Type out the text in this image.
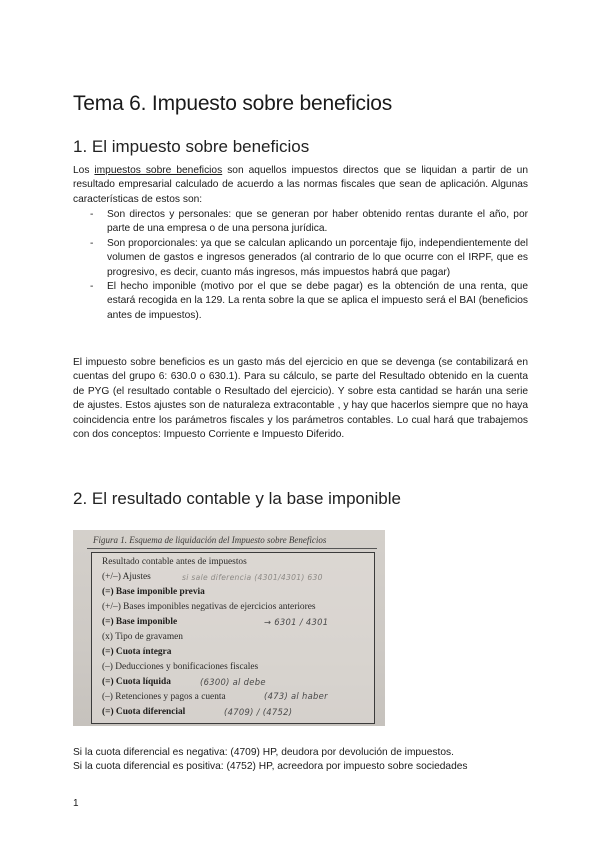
Tema 6. Impuesto sobre beneficios
1. El impuesto sobre beneficios

Los impuestos sobre beneficios son aquellos impuestos directos que se liquidan a partir de un resultado empresarial calculado de acuerdo a las normas fiscales que sean de aplicación. Algunas características de estos son:

- Son directos y personales: que se generan por haber obtenido rentas durante el año, por parte de una empresa o de una persona jurídica.
- Son proporcionales: ya que se calculan aplicando un porcentaje fijo, independientemente del volumen de gastos e ingresos generados (al contrario de lo que ocurre con el IRPF, que es progresivo, es decir, cuanto más ingresos, más impuestos habrá que pagar)
- El hecho imponible (motivo por el que se debe pagar) es la obtención de una renta, que estará recogida en la 129. La renta sobre la que se aplica el impuesto será el BAI (beneficios antes de impuestos).

El impuesto sobre beneficios es un gasto más del ejercicio en que se devenga (se contabilizará en cuentas del grupo 6: 630.0 o 630.1). Para su cálculo, se parte del Resultado obtenido en la cuenta de PYG (el resultado contable o Resultado del ejercicio). Y sobre esta cantidad se harán una serie de ajustes. Estos ajustes son de naturaleza extracontable , y hay que hacerlos siempre que no haya coincidencia entre los parámetros fiscales y los parámetros contables. Lo cual hará que trabajemos con dos conceptos: Impuesto Corriente e Impuesto Diferido.

2. El resultado contable y la base imponible
Figura 1. Esquema de liquidación del Impuesto sobre Beneficios
Resultado contable antes de impuestos
(+/–) Ajustes
(=) Base imponible previa
(+/–) Bases imponibles negativas de ejercicios anteriores
(=) Base imponible
(x) Tipo de gravamen
(=) Cuota íntegra
(–) Deducciones y bonificaciones fiscales
(=) Cuota líquida
(–) Retenciones y pagos a cuenta
(=) Cuota diferencial
si sale diferencia (4301/4301) 630
→ 6301 / 4301
(6300) al debe
(473) al haber
(4709) / (4752)
Si la cuota diferencial es negativa: (4709) HP, deudora por devolución de impuestos.
Si la cuota diferencial es positiva: (4752) HP, acreedora por impuesto sobre sociedades
1
